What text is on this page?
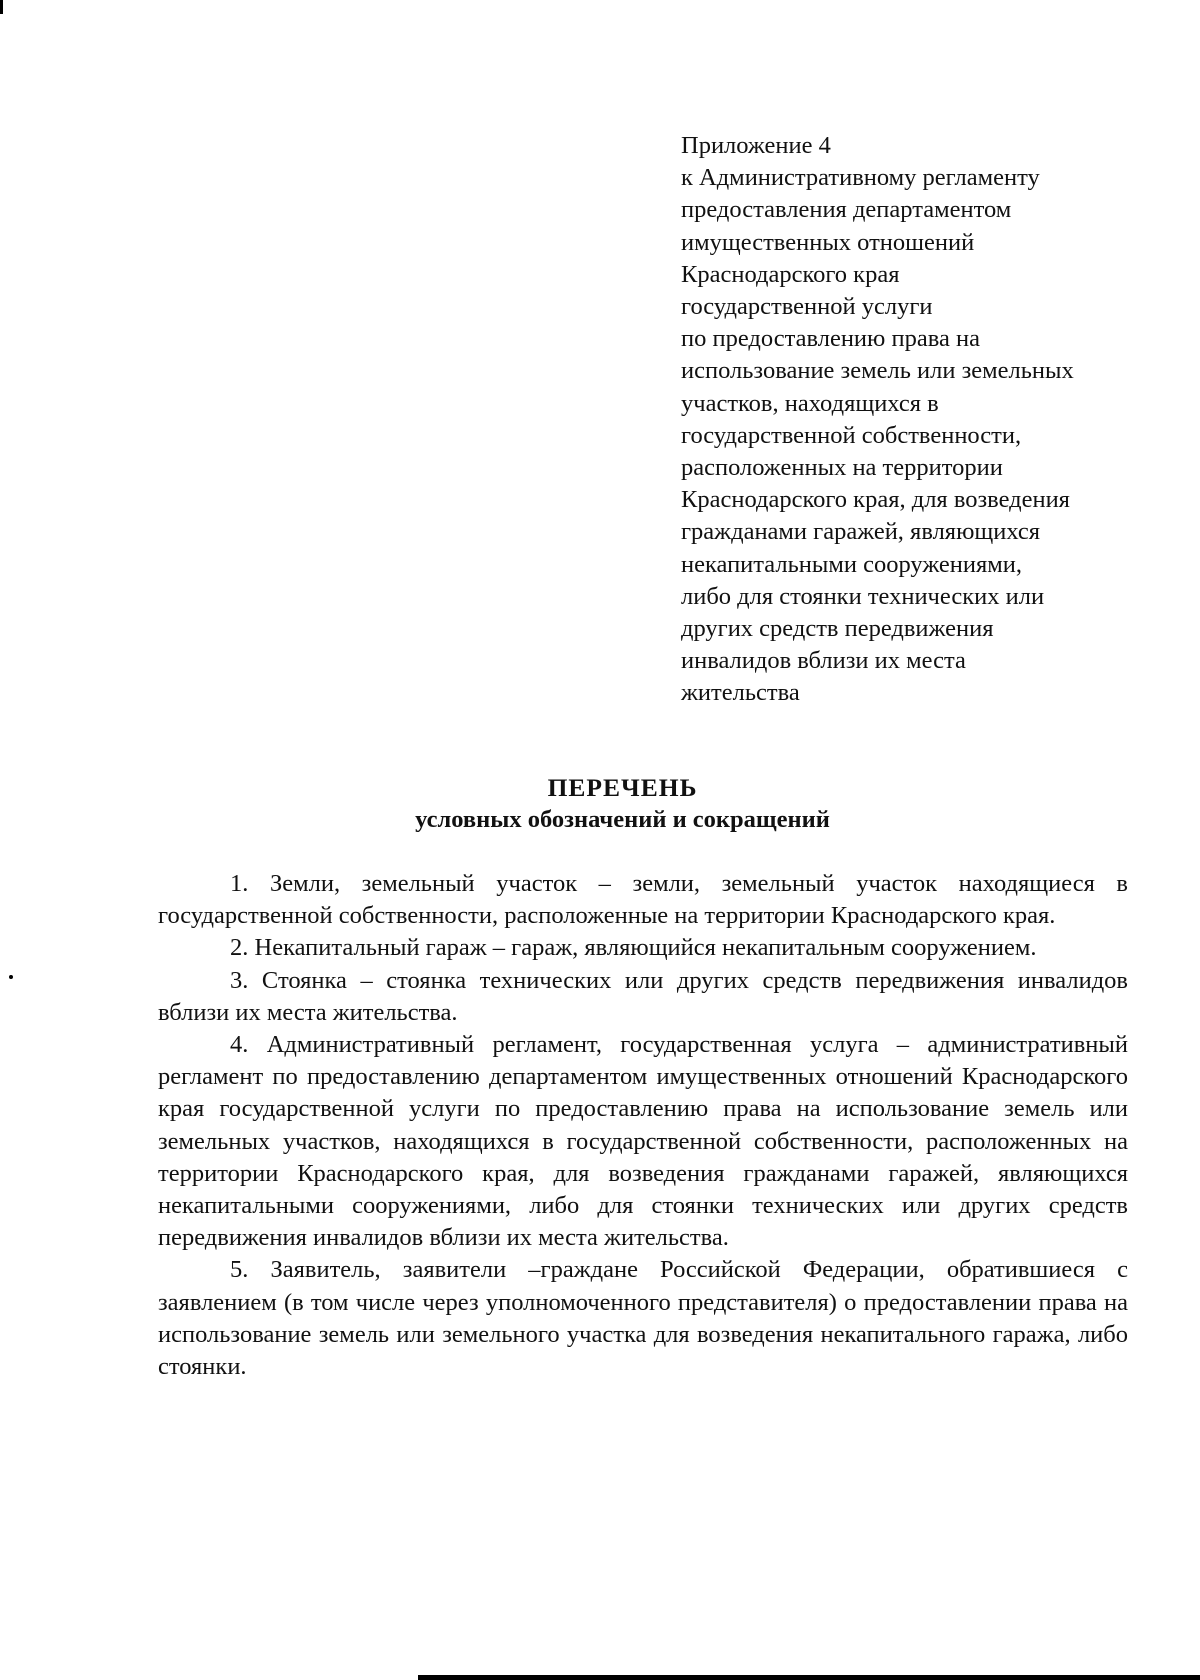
Приложение 4
к Административному регламенту
предоставления департаментом
имущественных отношений
Краснодарского края
государственной услуги
по предоставлению права на
использование земель или земельных
участков, находящихся в
государственной собственности,
расположенных на территории
Краснодарского края, для возведения
гражданами гаражей, являющихся
некапитальными сооружениями,
либо для стоянки технических или
других средств передвижения
инвалидов вблизи их места
жительства
ПЕРЕЧЕНЬ
условных обозначений и сокращений

1. Земли, земельный участок – земли, земельный участок находящиеся в государственной собственности, расположенные на территории Краснодарского края.

2. Некапитальный гараж – гараж, являющийся некапитальным сооружением.

3. Стоянка – стоянка технических или других средств передвижения инвалидов вблизи их места жительства.

4. Административный регламент, государственная услуга – административный регламент по предоставлению департаментом имущественных отношений Краснодарского края государственной услуги по предоставлению права на использование земель или земельных участков, находящихся в государственной собственности, расположенных на территории Краснодарского края, для возведения гражданами гаражей, являющихся некапитальными сооружениями, либо для стоянки технических или других средств передвижения инвалидов вблизи их места жительства.

5. Заявитель, заявители –граждане Российской Федерации, обратившиеся с заявлением (в том числе через уполномоченного представителя) о предоставлении права на использование земель или земельного участка для возведения некапитального гаража, либо стоянки.
